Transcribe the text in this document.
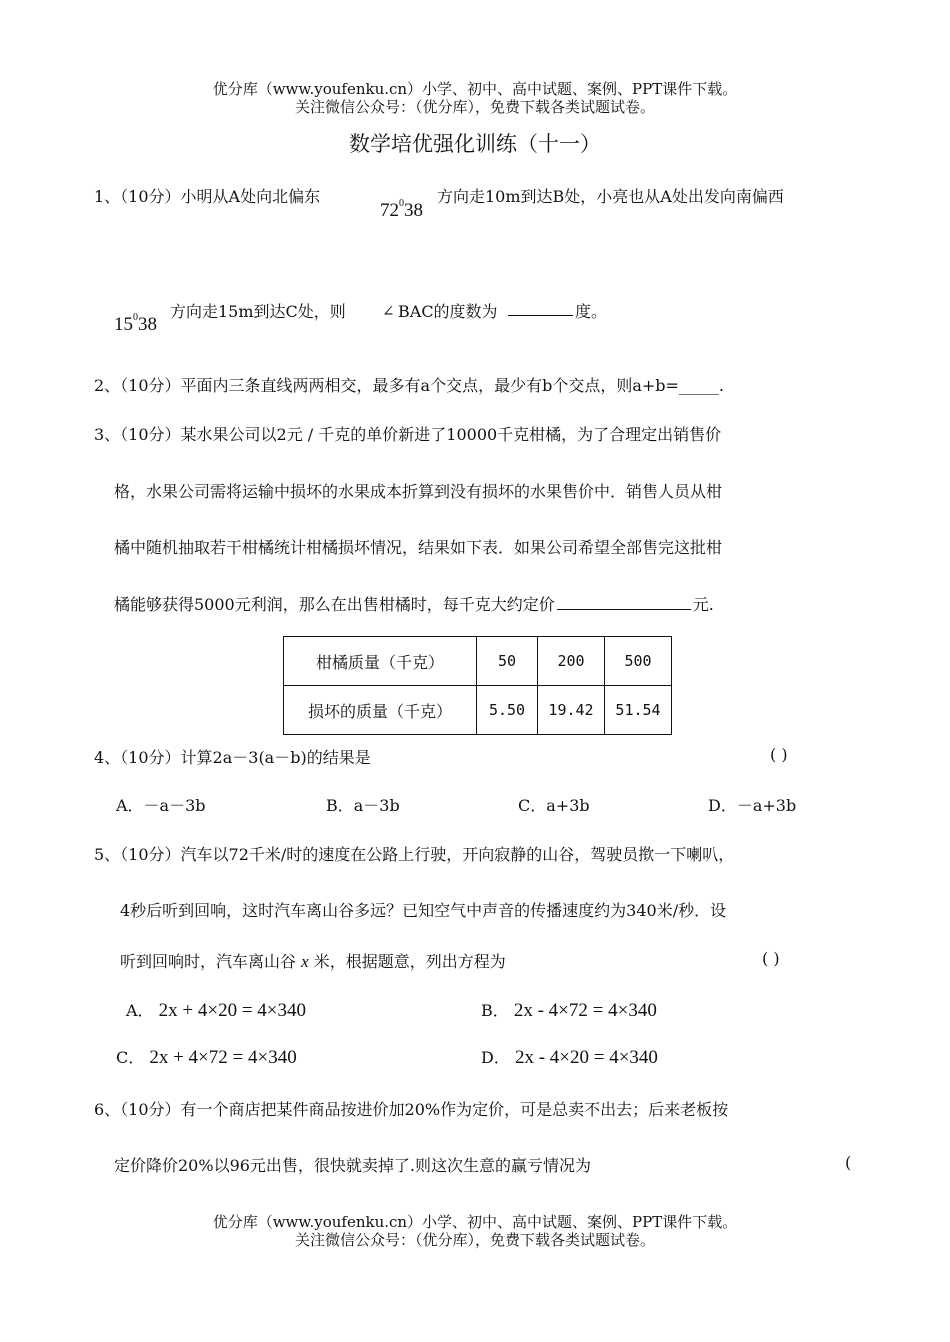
优分库（www.youfenku.cn）小学、初中、高中试题、案例、PPT课件下载。
关注微信公众号：（优分库），免费下载各类试题试卷。
数学培优强化训练（十一）
1、（10分）小明从A处向北偏东
$72^038$
方向走10m到达B处，小亮也从A处出发向南偏西
$15^038$
方向走15m到达C处，则 ∠ BAC的度数为	度。
2、（10分）平面内三条直线两两相交，最多有a个交点，最少有b个交点，则a+b=_____.
3、（10分）某水果公司以2元 / 千克的单价新进了10000千克柑橘，为了合理定出销售价
格，水果公司需将运输中损坏的水果成本折算到没有损坏的水果售价中．销售人员从柑
橘中随机抽取若干柑橘统计柑橘损坏情况，结果如下表．如果公司希望全部售完这批柑
橘能够获得5000元利润，那么在出售柑橘时，每千克大约定价	元.
柑橘质量（千克）	50	200	500
损坏的质量（千克）	5.50	19.42	51.54
4、（10分）计算2a－3(a－b)的结果是	( )
A．－a－3b	B．a－3b	C．a+3b	D．－a+3b
5、（10分）汽车以72千米/时的速度在公路上行驶，开向寂静的山谷，驾驶员揿一下喇叭，
4秒后听到回响，这时汽车离山谷多远？已知空气中声音的传播速度约为340米/秒．设
听到回响时，汽车离山谷 x 米，根据题意，列出方程为	( )
A． 2x + 4×20 = 4×340	B． 2x - 4×72 = 4×340
C． 2x + 4×72 = 4×340	D． 2x - 4×20 = 4×340
6、（10分）有一个商店把某件商品按进价加20%作为定价，可是总卖不出去；后来老板按
定价降价20%以96元出售，很快就卖掉了.则这次生意的赢亏情况为	(
优分库（www.youfenku.cn）小学、初中、高中试题、案例、PPT课件下载。
关注微信公众号：（优分库），免费下载各类试题试卷。
